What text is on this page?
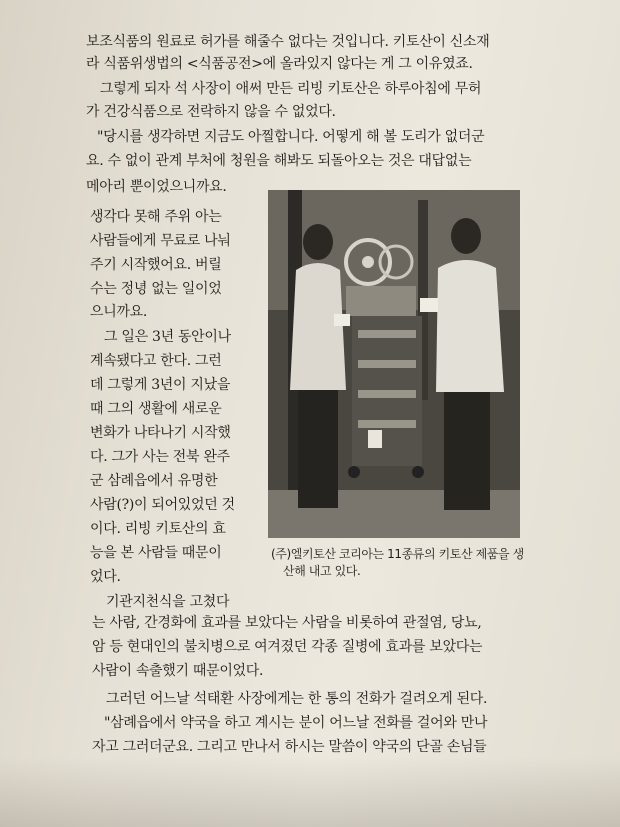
보조식품의 원료로 허가를 해줄수 없다는 것입니다. 키토산이 신소재

라 식품위생법의 <식품공전>에 올라있지 않다는 게 그 이유였죠.

그렇게 되자 석 사장이 애써 만든 리빙 키토산은 하루아침에 무허

가 건강식품으로 전락하지 않을 수 없었다.

"당시를 생각하면 지금도 아찔합니다. 어떻게 해 볼 도리가 없더군

요. 수 없이 관계 부처에 청원을 해봐도 되돌아오는 것은 대답없는

메아리 뿐이었으니까요.

생각다 못해 주위 아는

사람들에게 무료로 나눠

주기 시작했어요. 버릴

수는 정녕 없는 일이었

으니까요.

그 일은 3년 동안이나

계속됐다고 한다. 그런

데 그렇게 3년이 지났을

때 그의 생활에 새로운

변화가 나타나기 시작했

다. 그가 사는 전북 완주

군 삼례읍에서 유명한

사람(?)이 되어있었던 것

이다. 리빙 키토산의 효

능을 본 사람들 때문이

었다.

기관지천식을 고쳤다

는 사람, 간경화에 효과를 보았다는 사람을 비롯하여 관절염, 당뇨,

암 등 현대인의 불치병으로 여겨졌던 각종 질병에 효과를 보았다는

사람이 속출했기 때문이었다.

그러던 어느날 석태환 사장에게는 한 통의 전화가 걸려오게 된다.

"삼례읍에서 약국을 하고 계시는 분이 어느날 전화를 걸어와 만나

자고 그러더군요. 그리고 만나서 하시는 말씀이 약국의 단골 손님들

(주)엘키토산 코리아는 11종류의 키토산 제품을 생
산해 내고 있다.
